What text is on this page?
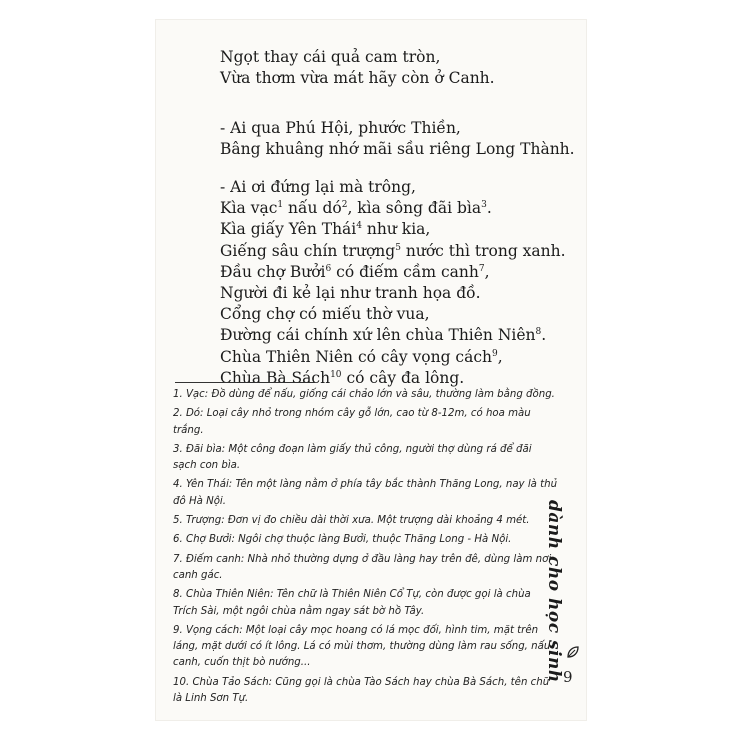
Ngọt thay cái quả cam tròn,
Vừa thơm vừa mát hãy còn ở Canh.
- Ai qua Phú Hội, phước Thiền,
Bâng khuâng nhớ mãi sầu riêng Long Thành.
- Ai ơi đứng lại mà trông,
Kìa vạc$^1$ nấu $dó^2$, kìa sông đãi bìa$^3$.
Kìa giấy Yên Thái$^4$ như kia,
Giếng sâu chín trượng$^5$ nước thì trong xanh.
Đầu chợ Bưởi$^6$ có điếm cầm canh$^7$,
Người đi kẻ lại như tranh họa đồ.
Cổng chợ có miếu thờ vua,
Đường cái chính xứ lên chùa Thiên Niên$^8$.
Chùa Thiên Niên có cây vọng cách$^9$,
Chùa Bà Sách$^{10}$ có cây đa lông.
1. Vạc: Đồ dùng để nấu, giống cái chảo lớn và sâu, thường làm bằng đồng.
2. Dó: Loại cây nhỏ trong nhóm cây gỗ lớn, cao từ 8-12m, có hoa màu trắng.
3. Đãi bìa: Một công đoạn làm giấy thủ công, người thợ dùng rá để đãi sạch con bìa.
4. Yên Thái: Tên một làng nằm ở phía tây bắc thành Thăng Long, nay là thủ đô Hà Nội.
5. Trượng: Đơn vị đo chiều dài thời xưa. Một trượng dài khoảng 4 mét.
6. Chợ Bưởi: Ngôi chợ thuộc làng Bưởi, thuộc Thăng Long - Hà Nội.
7. Điếm canh: Nhà nhỏ thường dựng ở đầu làng hay trên đê, dùng làm nơi canh gác.
8. Chùa Thiên Niên: Tên chữ là Thiên Niên Cổ Tự, còn được gọi là chùa Trích Sài, một ngôi chùa nằm ngay sát bờ hồ Tây.
9. Vọng cách: Một loại cây mọc hoang có lá mọc đối, hình tim, mặt trên láng, mặt dưới có ít lông. Lá có mùi thơm, thường dùng làm rau sống, nấu canh, cuốn thịt bò nướng...
10. Chùa Tảo Sách: Cũng gọi là chùa Tào Sách hay chùa Bà Sách, tên chữ là Linh Sơn Tự.
dành cho học sinh 9
